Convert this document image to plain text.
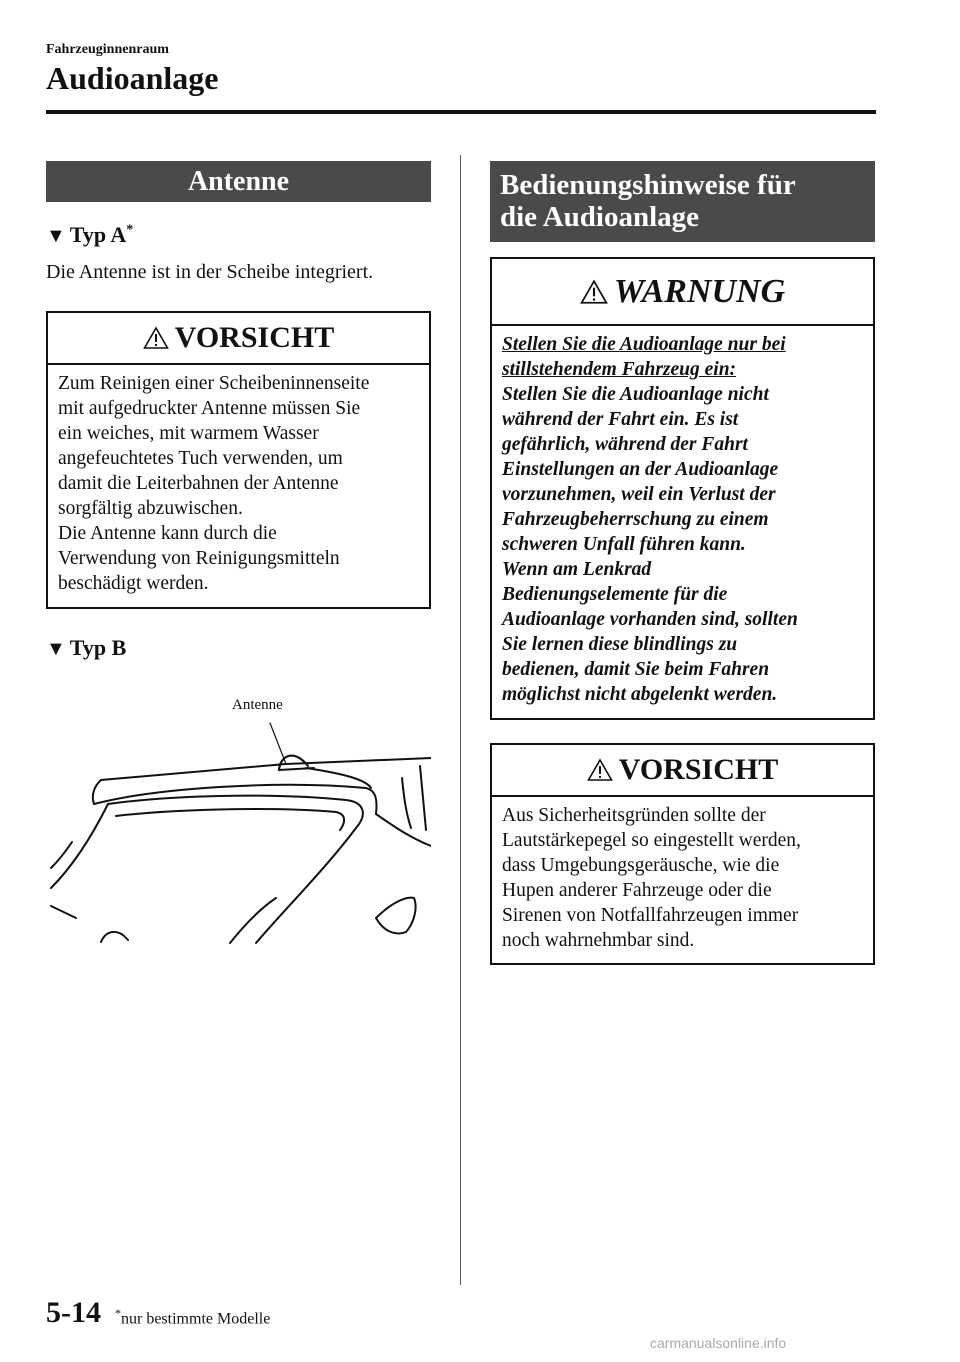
Fahrzeuginnenraum
Audioanlage
Antenne
▼ Typ A*
Die Antenne ist in der Scheibe integriert.
VORSICHT
Zum Reinigen einer Scheibeninnenseite
mit aufgedruckter Antenne müssen Sie
ein weiches, mit warmem Wasser
angefeuchtetes Tuch verwenden, um
damit die Leiterbahnen der Antenne
sorgfältig abzuwischen.
Die Antenne kann durch die
Verwendung von Reinigungsmitteln
beschädigt werden.
▼ Typ B
Antenne
Bedienungshinweise für
die Audioanlage
WARNUNG
Stellen Sie die Audioanlage nur bei
stillstehendem Fahrzeug ein:
Stellen Sie die Audioanlage nicht
während der Fahrt ein. Es ist
gefährlich, während der Fahrt
Einstellungen an der Audioanlage
vorzunehmen, weil ein Verlust der
Fahrzeugbeherrschung zu einem
schweren Unfall führen kann.
Wenn am Lenkrad
Bedienungselemente für die
Audioanlage vorhanden sind, sollten
Sie lernen diese blindlings zu
bedienen, damit Sie beim Fahren
möglichst nicht abgelenkt werden.
VORSICHT
Aus Sicherheitsgründen sollte der
Lautstärkepegel so eingestellt werden,
dass Umgebungsgeräusche, wie die
Hupen anderer Fahrzeuge oder die
Sirenen von Notfallfahrzeugen immer
noch wahrnehmbar sind.
5-14 *nur bestimmte Modelle
carmanualsonline.info
